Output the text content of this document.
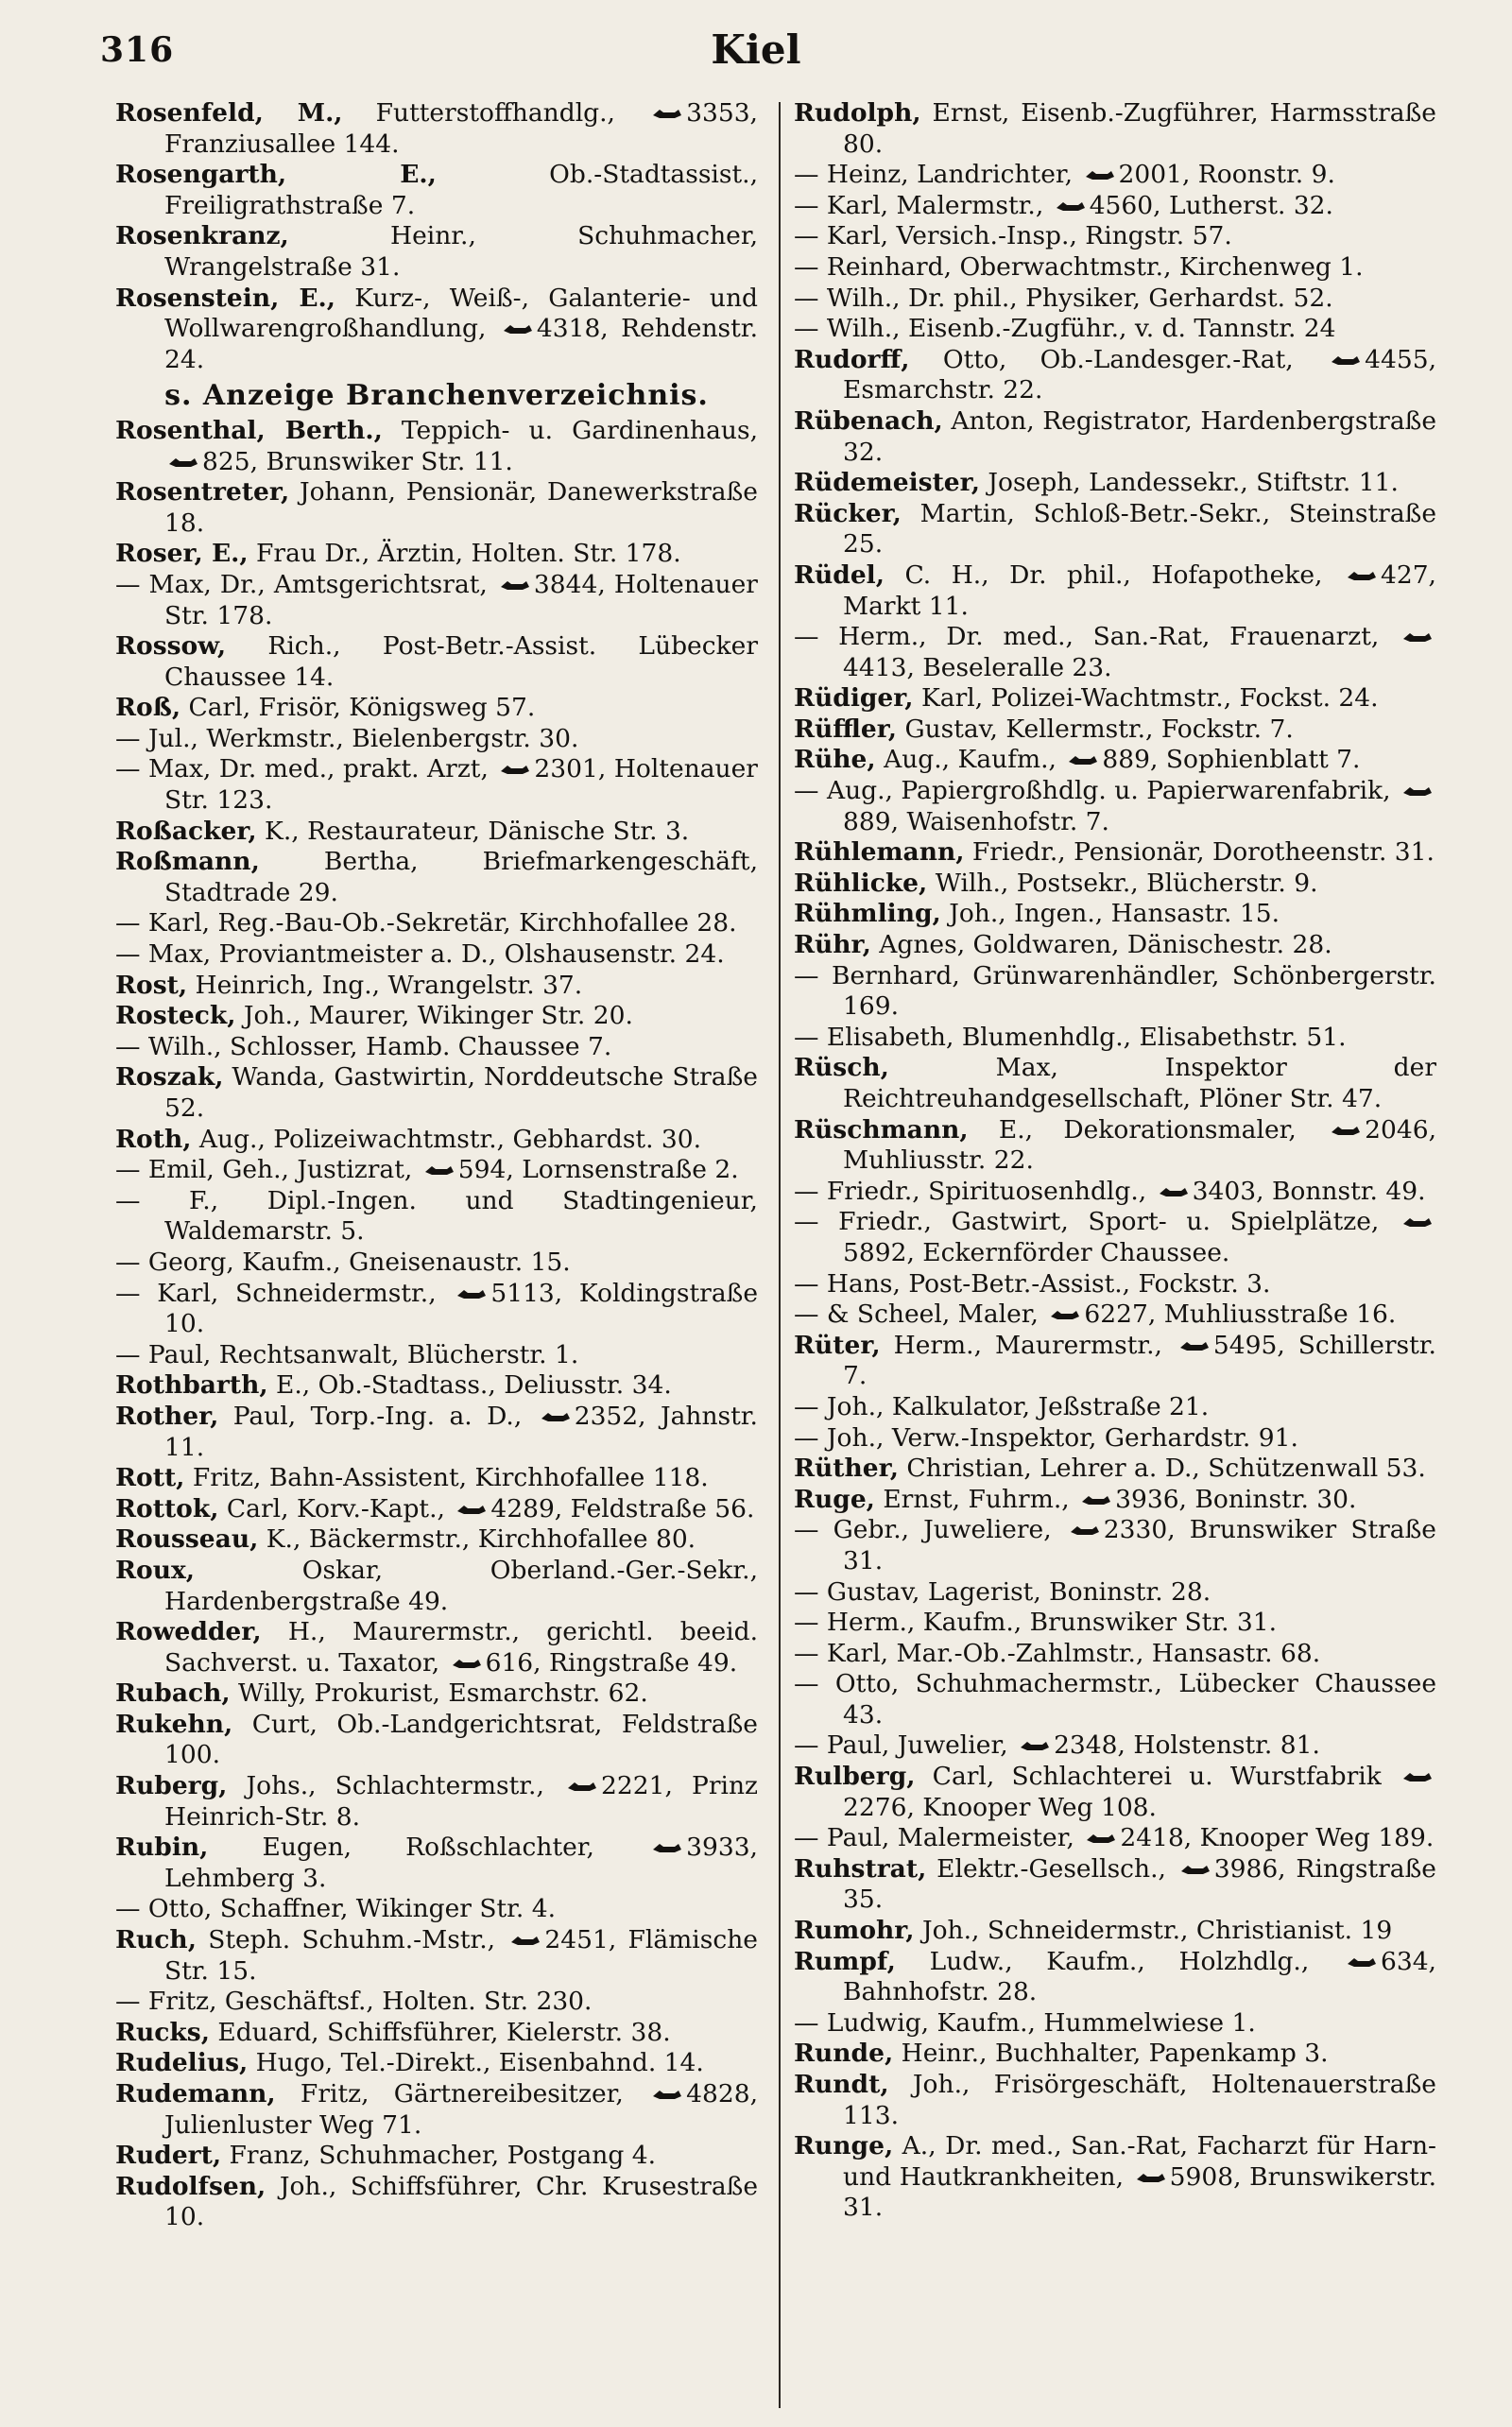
316	Kiel

Rosenfeld, M., Futterstoffhandlg.,	3353, Franziusallee 144.

Rosengarth, E., Ob.-Stadtassist., Freiligrathstraße 7.

Rosenkranz, Heinr., Schuhmacher, Wrangelstraße 31.

Rosenstein, E., Kurz-, Weiß-, Galanterie- und Wollwarengroßhandlung, 4318, Rehdenstr. 24.

s. Anzeige Branchenverzeichnis.

Rosenthal, Berth., Teppich- u. Gardinenhaus,
825, Brunswiker Str. 11.

Rosentreter, Johann, Pensionär, Danewerkstraße 18.

Roser, E., Frau Dr., Ärztin, Holten. Str. 178.

— Max, Dr., Amtsgerichtsrat, 3844, Holtenauer Str. 178.

Rossow, Rich., Post-Betr.-Assist. Lübecker Chaussee 14.

Roß, Carl, Frisör, Königsweg 57.

— Jul., Werkmstr., Bielenbergstr. 30.

— Max, Dr. med., prakt. Arzt, 2301, Holtenauer Str. 123.

Roßacker, K., Restaurateur, Dänische Str. 3.

Roßmann, Bertha, Briefmarkengeschäft, Stadtrade 29.

— Karl, Reg.-Bau-Ob.-Sekretär, Kirchhofallee 28.

— Max, Proviantmeister a. D., Olshausenstr. 24.

Rost, Heinrich, Ing., Wrangelstr. 37.

Rosteck, Joh., Maurer, Wikinger Str. 20.

— Wilh., Schlosser, Hamb. Chaussee 7.

Roszak, Wanda, Gastwirtin, Norddeutsche Straße 52.

Roth, Aug., Polizeiwachtmstr., Gebhardst. 30.

— Emil, Geh., Justizrat, 594, Lornsenstraße 2.

— F., Dipl.-Ingen. und Stadtingenieur, Waldemarstr. 5.

— Georg, Kaufm., Gneisenaustr. 15.

— Karl, Schneidermstr., 5113, Koldingstraße 10.

— Paul, Rechtsanwalt, Blücherstr. 1.

Rothbarth, E., Ob.-Stadtass., Deliusstr. 34.

Rother, Paul, Torp.-Ing. a. D., 2352, Jahnstr. 11.

Rott, Fritz, Bahn-Assistent, Kirchhofallee 118.

Rottok, Carl, Korv.-Kapt., 4289, Feldstraße 56.

Rousseau, K., Bäckermstr., Kirchhofallee 80.

Roux, Oskar, Oberland.-Ger.-Sekr., Hardenbergstraße 49.

Rowedder, H., Maurermstr., gerichtl. beeid. Sachverst. u. Taxator, 616, Ringstraße 49.

Rubach, Willy, Prokurist, Esmarchstr. 62.

Rukehn, Curt, Ob.-Landgerichtsrat, Feldstraße 100.

Ruberg, Johs., Schlachtermstr., 2221, Prinz Heinrich-Str. 8.

Rubin, Eugen, Roßschlachter,	3933, Lehmberg 3.

— Otto, Schaffner, Wikinger Str. 4.

Ruch, Steph. Schuhm.-Mstr., 2451, Flämische Str. 15.

— Fritz, Geschäftsf., Holten. Str. 230.

Rucks, Eduard, Schiffsführer, Kielerstr. 38.

Rudelius, Hugo, Tel.-Direkt., Eisenbahnd. 14.

Rudemann, Fritz, Gärtnereibesitzer,	4828, Julienluster Weg 71.

Rudert, Franz, Schuhmacher, Postgang 4.

Rudolfsen, Joh., Schiffsführer, Chr. Krusestraße 10.

Rudolph, Ernst, Eisenb.-Zugführer, Harmsstraße 80.

— Heinz, Landrichter, 2001, Roonstr. 9.

— Karl, Malermstr., 4560, Lutherst. 32.

— Karl, Versich.-Insp., Ringstr. 57.

— Reinhard, Oberwachtmstr., Kirchenweg 1.

— Wilh., Dr. phil., Physiker, Gerhardst. 52.

— Wilh., Eisenb.-Zugführ., v. d. Tannstr. 24

Rudorff, Otto, Ob.-Landesger.-Rat,	4455, Esmarchstr. 22.

Rübenach, Anton, Registrator, Hardenbergstraße 32.

Rüdemeister, Joseph, Landessekr., Stiftstr. 11.

Rücker, Martin, Schloß-Betr.-Sekr., Steinstraße 25.

Rüdel, C. H., Dr. phil., Hofapotheke, 427, Markt 11.

— Herm., Dr. med., San.-Rat, Frauenarzt,
4413, Beseleralle 23.

Rüdiger, Karl, Polizei-Wachtmstr., Fockst. 24.

Rüffler, Gustav, Kellermstr., Fockstr. 7.

Rühe, Aug., Kaufm., 889, Sophienblatt 7.

— Aug., Papiergroßhdlg. u. Papierwarenfabrik,
889, Waisenhofstr. 7.

Rühlemann, Friedr., Pensionär, Dorotheenstr. 31.

Rühlicke, Wilh., Postsekr., Blücherstr. 9.

Rühmling, Joh., Ingen., Hansastr. 15.

Rühr, Agnes, Goldwaren, Dänischestr. 28.

— Bernhard, Grünwarenhändler, Schönbergerstr. 169.

— Elisabeth, Blumenhdlg., Elisabethstr. 51.

Rüsch, Max, Inspektor der Reichtreuhandgesellschaft, Plöner Str. 47.

Rüschmann, E., Dekorationsmaler,	2046, Muhliusstr. 22.

— Friedr., Spirituosenhdlg., 3403, Bonnstr. 49.

— Friedr., Gastwirt, Sport- u. Spielplätze,
5892, Eckernförder Chaussee.

— Hans, Post-Betr.-Assist., Fockstr. 3.

— & Scheel, Maler, 6227, Muhliusstraße 16.

Rüter, Herm., Maurermstr., 5495, Schillerstr. 7.

— Joh., Kalkulator, Jeßstraße 21.

— Joh., Verw.-Inspektor, Gerhardstr. 91.

Rüther, Christian, Lehrer a. D., Schützenwall 53.

Ruge, Ernst, Fuhrm., 3936, Boninstr. 30.

— Gebr., Juweliere, 2330, Brunswiker Straße 31.

— Gustav, Lagerist, Boninstr. 28.

— Herm., Kaufm., Brunswiker Str. 31.

— Karl, Mar.-Ob.-Zahlmstr., Hansastr. 68.

— Otto, Schuhmachermstr., Lübecker Chaussee 43.

— Paul, Juwelier, 2348, Holstenstr. 81.

Rulberg, Carl, Schlachterei u. Wurstfabrik
2276, Knooper Weg 108.

— Paul, Malermeister, 2418, Knooper Weg 189.

Ruhstrat, Elektr.-Gesellsch., 3986, Ringstraße 35.

Rumohr, Joh., Schneidermstr., Christianist. 19

Rumpf, Ludw., Kaufm., Holzhdlg.,	634, Bahnhofstr. 28.

— Ludwig, Kaufm., Hummelwiese 1.

Runde, Heinr., Buchhalter, Papenkamp 3.

Rundt, Joh., Frisörgeschäft, Holtenauerstraße 113.

Runge, A., Dr. med., San.-Rat, Facharzt für Harn- und Hautkrankheiten, 5908, Brunswikerstr. 31.
